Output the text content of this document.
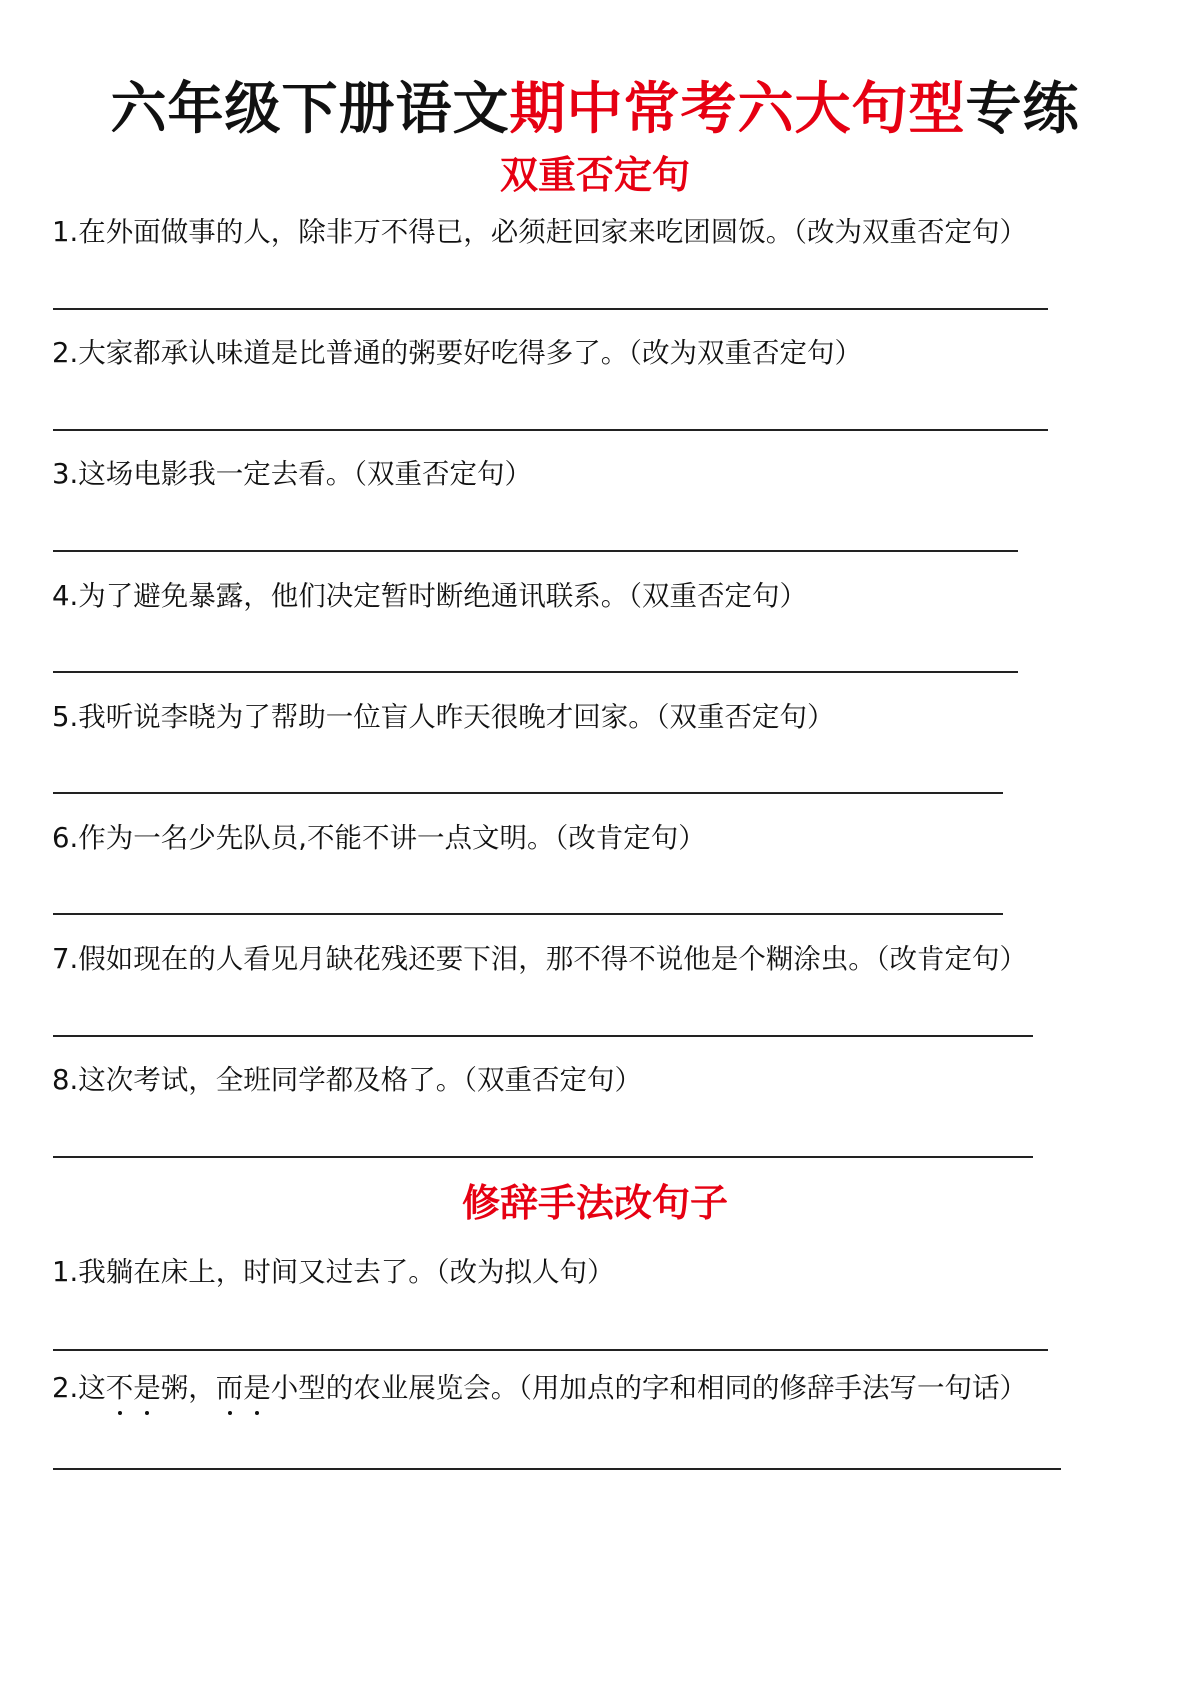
六年级下册语文期中常考六大句型专练
双重否定句
1.在外面做事的人，除非万不得已，必须赶回家来吃团圆饭。（改为双重否定句）
2.大家都承认味道是比普通的粥要好吃得多了。（改为双重否定句）
3.这场电影我一定去看。（双重否定句）
4.为了避免暴露，他们决定暂时断绝通讯联系。（双重否定句）
5.我听说李晓为了帮助一位盲人昨天很晚才回家。（双重否定句）
6.作为一名少先队员,不能不讲一点文明。（改肯定句）
7.假如现在的人看见月缺花残还要下泪，那不得不说他是个糊涂虫。（改肯定句）
8.这次考试，全班同学都及格了。（双重否定句）
修辞手法改句子
1.我躺在床上，时间又过去了。（改为拟人句）
2.这不是粥，而是小型的农业展览会。（用加点的字和相同的修辞手法写一句话）
